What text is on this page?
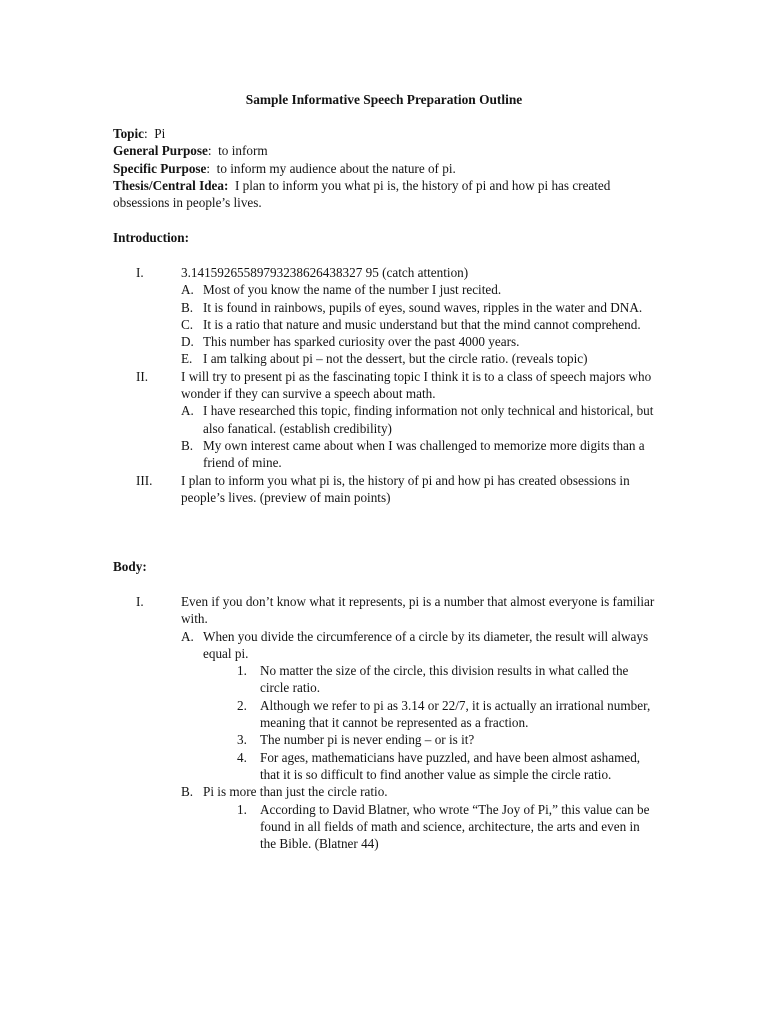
Sample Informative Speech Preparation Outline
Topic:  Pi
General Purpose:  to inform
Specific Purpose:  to inform my audience about the nature of pi.
Thesis/Central Idea:  I plan to inform you what pi is, the history of pi and how pi has created obsessions in people’s lives.
Introduction:
I.	3.14159265589793238626438327 95 (catch attention)
A. Most of you know the name of the number I just recited.
B. It is found in rainbows, pupils of eyes, sound waves, ripples in the water and DNA.
C. It is a ratio that nature and music understand but that the mind cannot comprehend.
D. This number has sparked curiosity over the past 4000 years.
E. I am talking about pi – not the dessert, but the circle ratio. (reveals topic)
II. I will try to present pi as the fascinating topic I think it is to a class of speech majors who wonder if they can survive a speech about math.
A. I have researched this topic, finding information not only technical and historical, but also fanatical. (establish credibility)
B. My own interest came about when I was challenged to memorize more digits than a friend of mine.
III. I plan to inform you what pi is, the history of pi and how pi has created obsessions in people’s lives. (preview of main points)
Body:
I.	Even if you don’t know what it represents, pi is a number that almost everyone is familiar with.
A. When you divide the circumference of a circle by its diameter, the result will always equal pi.
1. No matter the size of the circle, this division results in what called the circle ratio.
2. Although we refer to pi as 3.14 or 22/7, it is actually an irrational number, meaning that it cannot be represented as a fraction.
3. The number pi is never ending – or is it?
4. For ages, mathematicians have puzzled, and have been almost ashamed, that it is so difficult to find another value as simple the circle ratio.
B. Pi is more than just the circle ratio.
1. According to David Blatner, who wrote “The Joy of Pi,” this value can be found in all fields of math and science, architecture, the arts and even in the Bible. (Blatner 44)
